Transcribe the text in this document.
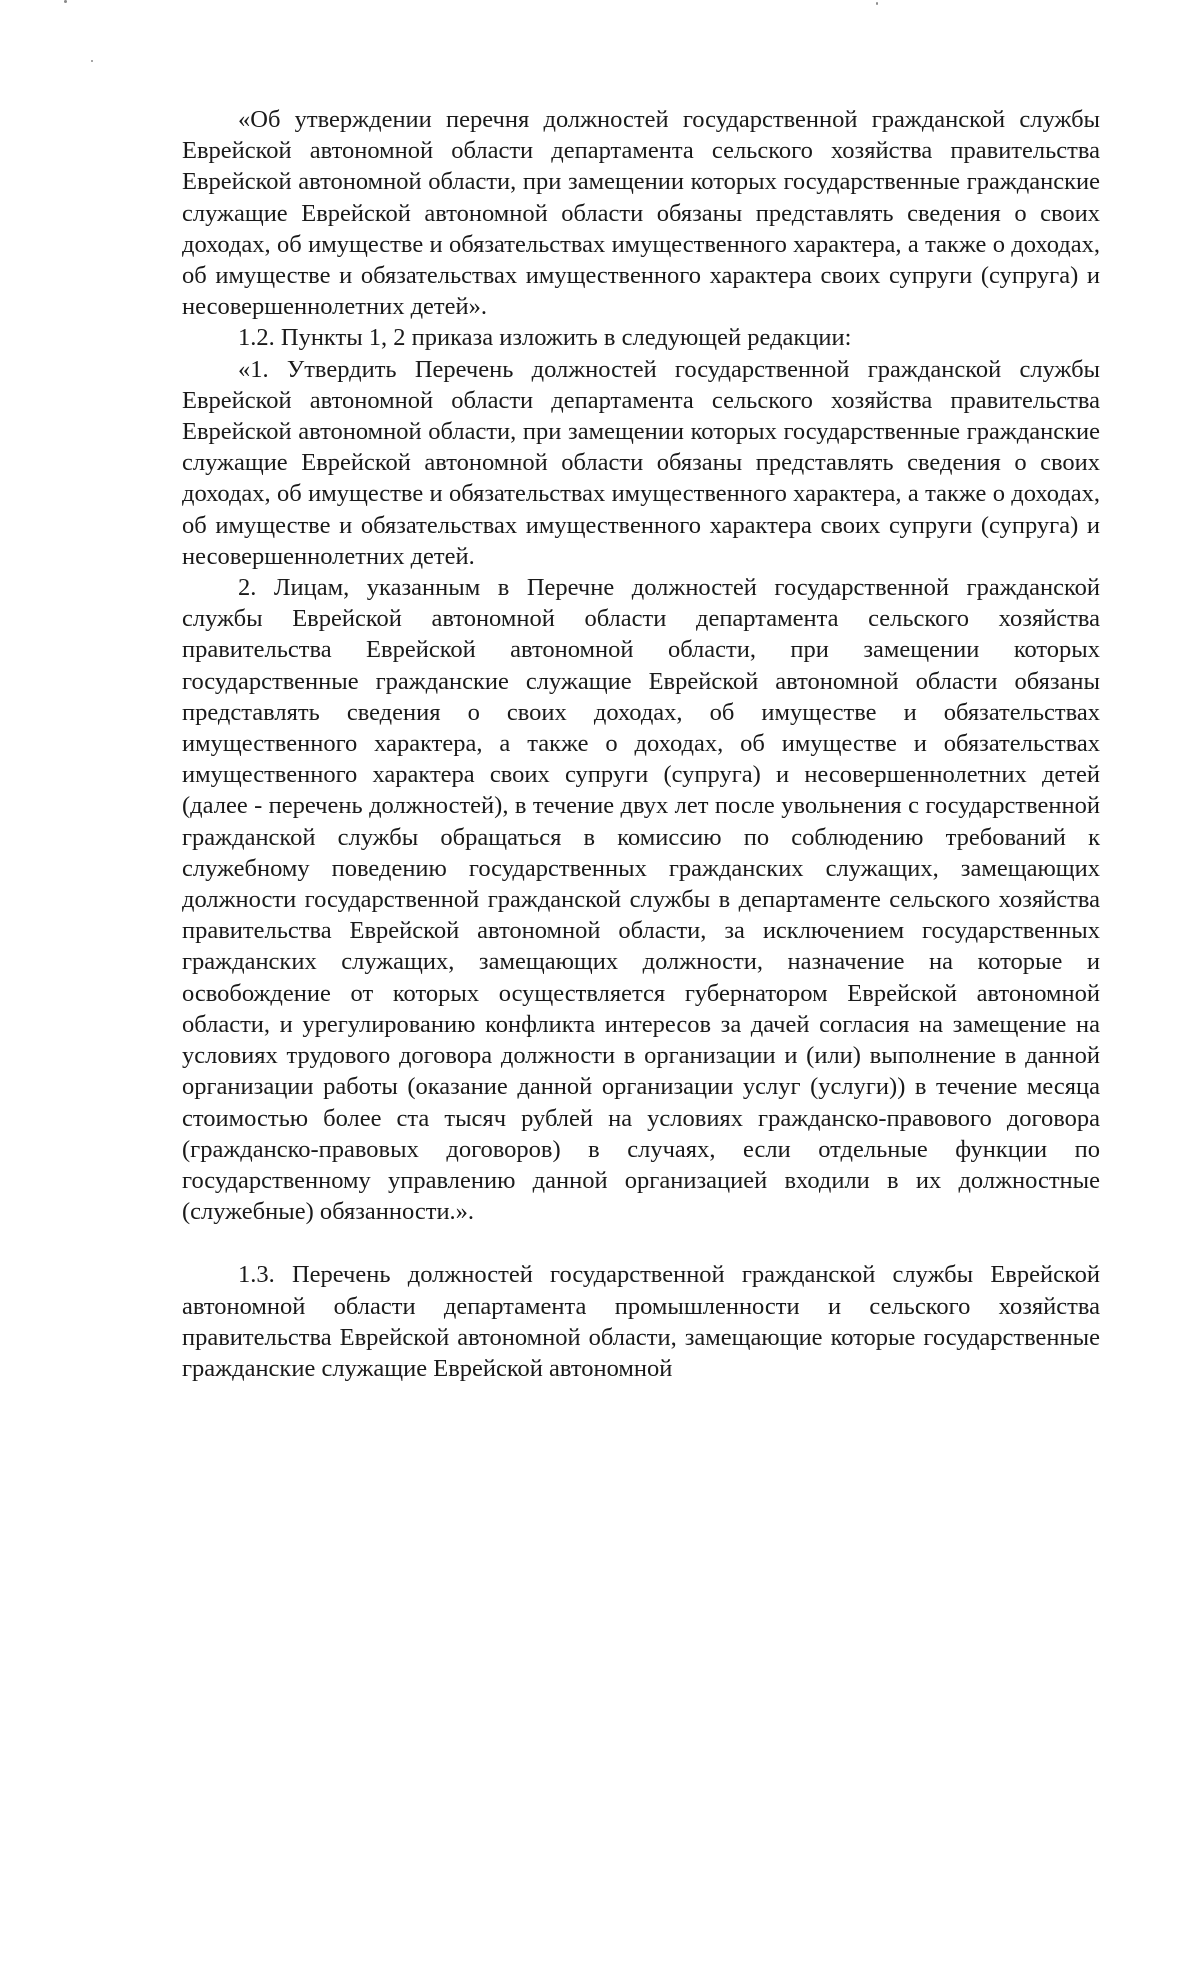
«Об утверждении перечня должностей государственной гражданской службы Еврейской автономной области департамента сельского хозяйства правительства Еврейской автономной области, при замещении которых государственные гражданские служащие Еврейской автономной области обязаны представлять сведения о своих доходах, об имуществе и обязательствах имущественного характера, а также о доходах, об имуществе и обязательствах имущественного характера своих супруги (супруга) и несовершеннолетних детей».

1.2. Пункты 1, 2 приказа изложить в следующей редакции:

«1. Утвердить Перечень должностей государственной гражданской службы Еврейской автономной области департамента сельского хозяйства правительства Еврейской автономной области, при замещении которых государственные гражданские служащие Еврейской автономной области обязаны представлять сведения о своих доходах, об имуществе и обязательствах имущественного характера, а также о доходах, об имуществе и обязательствах имущественного характера своих супруги (супруга) и несовершеннолетних детей.

2. Лицам, указанным в Перечне должностей государственной гражданской службы Еврейской автономной области департамента сельского хозяйства правительства Еврейской автономной области, при замещении которых государственные гражданские служащие Еврейской автономной области обязаны представлять сведения о своих доходах, об имуществе и обязательствах имущественного характера, а также о доходах, об имуществе и обязательствах имущественного характера своих супруги (супруга) и несовершеннолетних детей (далее - перечень должностей), в течение двух лет после увольнения с государственной гражданской службы обращаться в комиссию по соблюдению требований к служебному поведению государственных гражданских служащих, замещающих должности государственной гражданской службы в департаменте сельского хозяйства правительства Еврейской автономной области, за исключением государственных гражданских служащих, замещающих должности, назначение на которые и освобождение от которых осуществляется губернатором Еврейской автономной области, и урегулированию конфликта интересов за дачей согласия на замещение на условиях трудового договора должности в организации и (или) выполнение в данной организации работы (оказание данной организации услуг (услуги)) в течение месяца стоимостью более ста тысяч рублей на условиях гражданско-правового договора (гражданско-правовых договоров) в случаях, если отдельные функции по государственному управлению данной организацией входили в их должностные (служебные) обязанности.».

1.3. Перечень должностей государственной гражданской службы Еврейской автономной области департамента промышленности и сельского хозяйства правительства Еврейской автономной области, замещающие которые государственные гражданские служащие Еврейской автономной
